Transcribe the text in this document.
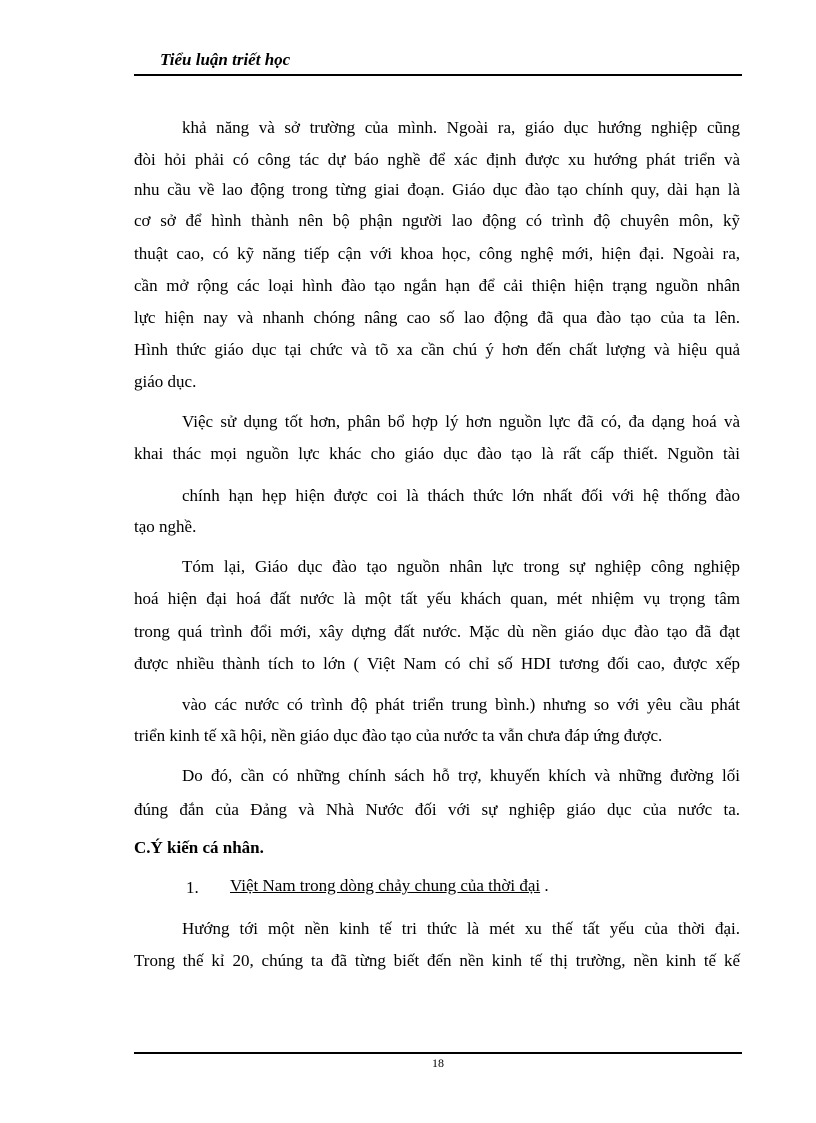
Tiểu luận triết học
khả năng và sở trường của mình. Ngoài ra, giáo dục hướng nghiệp cũng
đòi hỏi phải có công tác dự báo nghề để xác định được xu hướng phát triển và
nhu cầu về lao động trong từng giai đoạn. Giáo dục đào tạo chính quy, dài hạn là
cơ sở để hình thành nên bộ phận người lao động có trình độ chuyên môn, kỹ
thuật cao, có kỹ năng tiếp cận với khoa học, công nghệ mới, hiện đại. Ngoài ra,
cần mở rộng các loại hình đào tạo ngắn hạn để cải thiện hiện trạng nguồn nhân
lực hiện nay và nhanh chóng nâng cao số lao động đã qua đào tạo của ta lên.
Hình thức giáo dục tại chức và tõ xa cần chú ý hơn đến chất lượng và hiệu quả
giáo dục.
Việc sử dụng tốt hơn, phân bổ hợp lý hơn nguồn lực đã có, đa dạng hoá và
khai thác mọi nguồn lực khác cho giáo dục đào tạo là rất cấp thiết. Nguồn tài
chính hạn hẹp hiện được coi là thách thức lớn nhất đối với hệ thống đào
tạo nghề.
Tóm lại, Giáo dục đào tạo nguồn nhân lực trong sự nghiệp công nghiệp
hoá hiện đại hoá đất nước là một tất yếu khách quan, mét nhiệm vụ trọng tâm
trong quá trình đổi mới, xây dựng đất nước. Mặc dù nền giáo dục đào tạo đã đạt
được nhiều thành tích to lớn ( Việt Nam có chỉ số HDI tương đối cao, được xếp
vào các nước có trình độ phát triển trung bình.) nhưng so với yêu cầu phát
triển kinh tế xã hội, nền giáo dục đào tạo của nước ta vẫn chưa đáp ứng được.
Do đó, cần có những chính sách hỗ trợ, khuyến khích và những đường lối
đúng đắn của Đảng và Nhà Nước đối với sự nghiệp giáo dục của nước ta.
C.Ý kiến cá nhân.
1.	Việt Nam trong dòng chảy chung của thời đại .
Hướng tới một nền kinh tế tri thức là mét xu thế tất yếu của thời đại.
Trong thế kỉ 20, chúng ta đã từng biết đến nền kinh tế thị trường, nền kinh tế kế
18
